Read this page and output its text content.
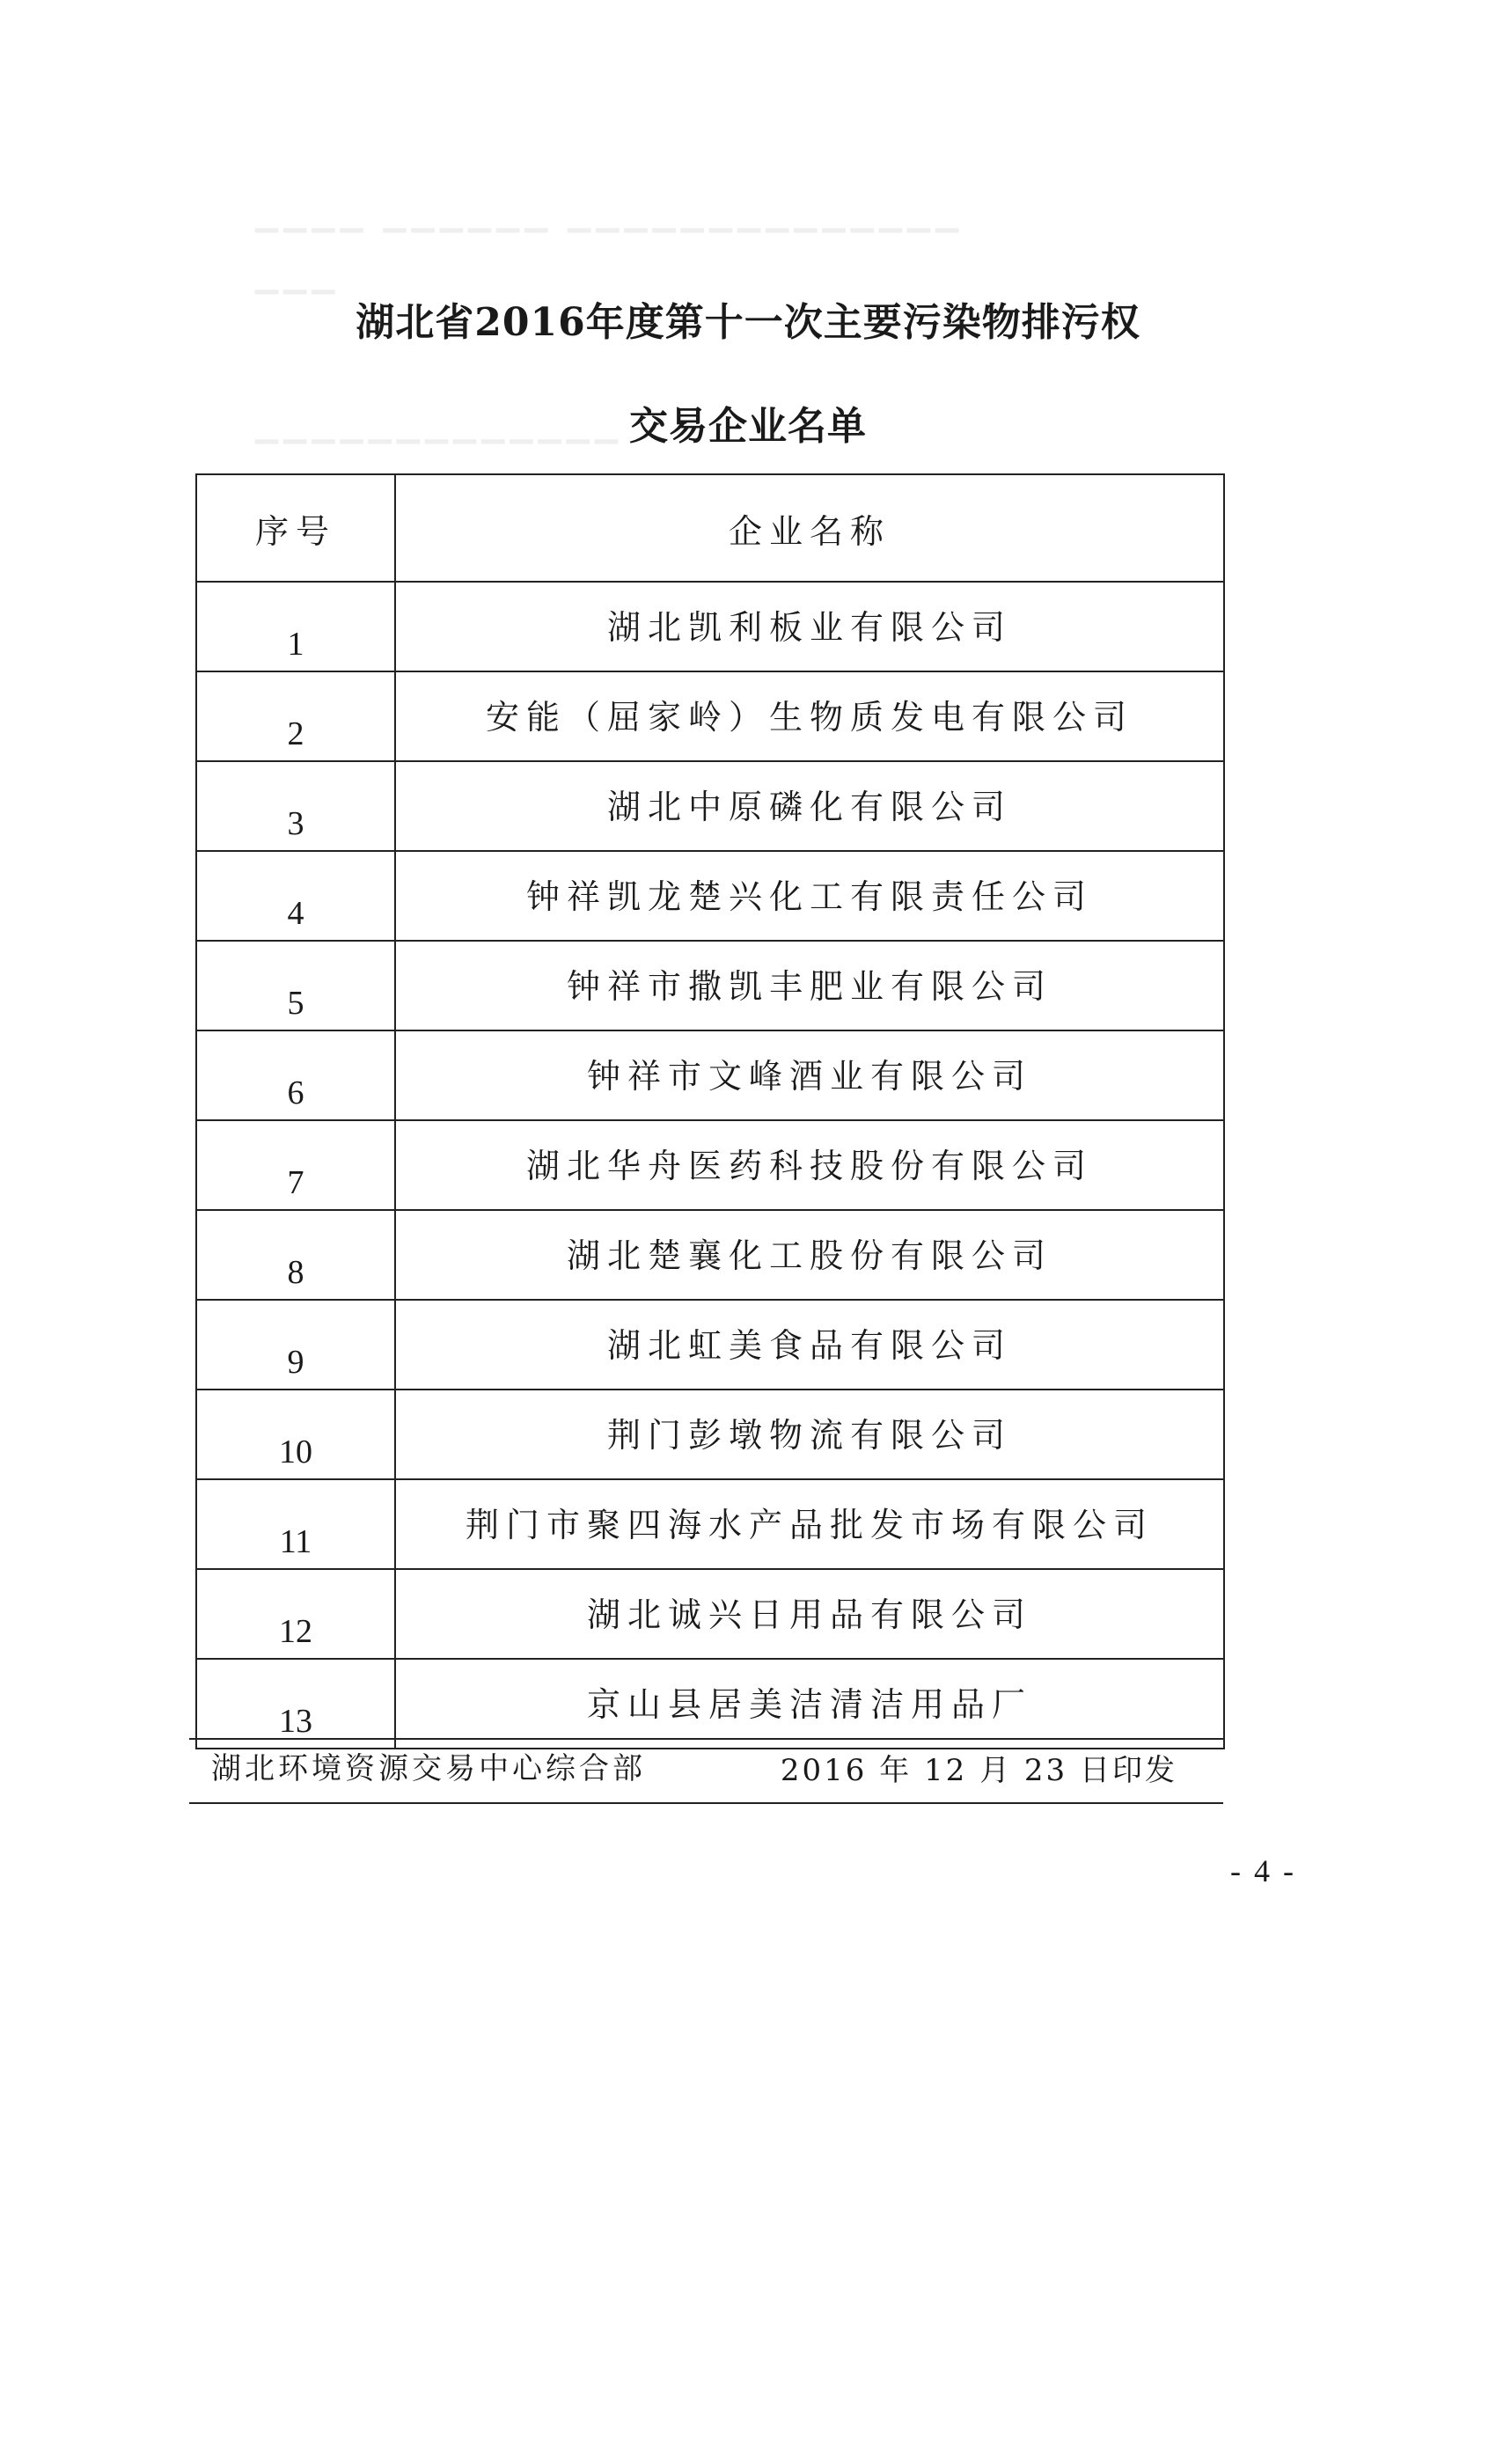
▁▁▁▁ ▁▁▁▁▁▁ ▁▁▁▁▁▁▁▁▁▁▁▁▁▁
▁▁▁
▁▁▁▁▁▁▁▁▁▁▁▁▁
湖北省2016年度第十一次主要污染物排污权
交易企业名单
序号	企业名称
1	湖北凯利板业有限公司
2	安能（屈家岭）生物质发电有限公司
3	湖北中原磷化有限公司
4	钟祥凯龙楚兴化工有限责任公司
5	钟祥市撒凯丰肥业有限公司
6	钟祥市文峰酒业有限公司
7	湖北华舟医药科技股份有限公司
8	湖北楚襄化工股份有限公司
9	湖北虹美食品有限公司
10	荆门彭墩物流有限公司
11	荆门市聚四海水产品批发市场有限公司
12	湖北诚兴日用品有限公司
13	京山县居美洁清洁用品厂
湖北环境资源交易中心综合部	2016 年 12 月 23 日印发
- 4 -
